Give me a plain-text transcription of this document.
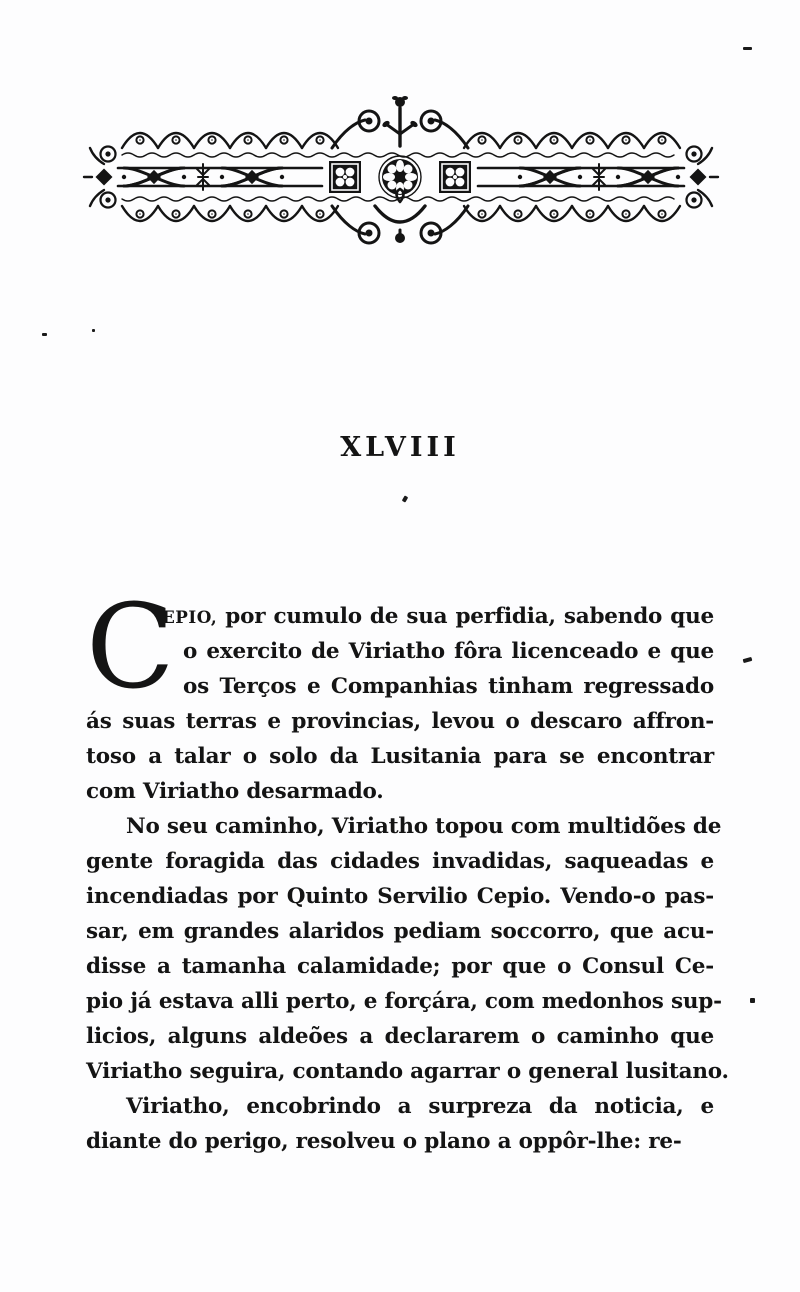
XLVIII
C
EPIO, por cumulo de sua perfidia, sabendo que
o exercito de Viriatho fôra licenceado e que
os Terços e Companhias tinham regressado
ás suas terras e provincias, levou o descaro affron-
toso a talar o solo da Lusitania para se encontrar
com Viriatho desarmado.
No seu caminho, Viriatho topou com multidões de
gente foragida das cidades invadidas, saqueadas e
incendiadas por Quinto Servilio Cepio. Vendo-o pas-
sar, em grandes alaridos pediam soccorro, que acu-
disse a tamanha calamidade; por que o Consul Ce-
pio já estava alli perto, e forçára, com medonhos sup-
licios, alguns aldeões a declararem o caminho que
Viriatho seguira, contando agarrar o general lusitano.
Viriatho, encobrindo a surpreza da noticia, e
diante do perigo, resolveu o plano a oppôr-lhe: re-
